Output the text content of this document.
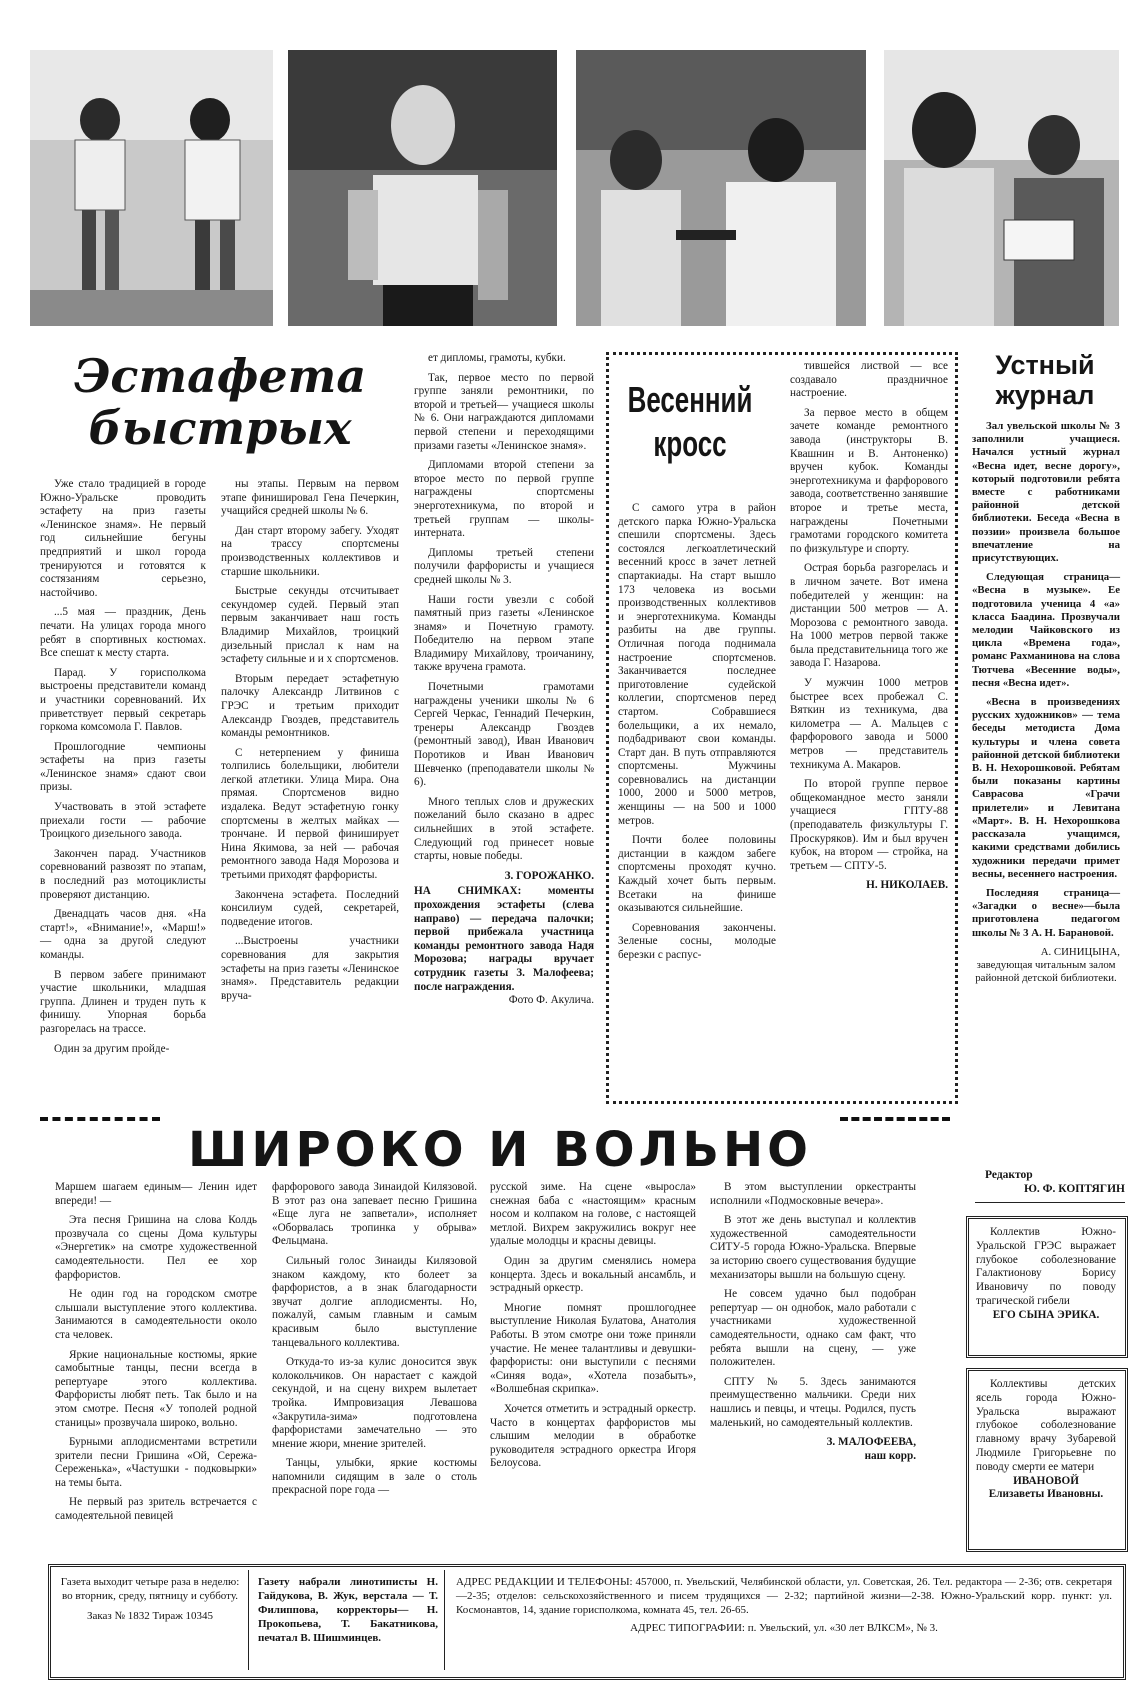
Эстафета
быстрых

Уже стало традицией в городе Южно-Уральске проводить эстафету на приз газеты «Ленинское знамя». Не первый год сильнейшие бегуны предприятий и школ города тренируются и готовятся к состязаниям серьезно, настойчиво.

...5 мая — праздник, День печати. На улицах города много ребят в спортивных костюмах. Все спешат к месту старта.

Парад. У горисполкома выстроены представители команд и участники соревнований. Их приветствует первый секретарь горкома комсомола Г. Павлов.

Прошлогодние чемпионы эстафеты на приз газеты «Ленинское знамя» сдают свои призы.

Участвовать в этой эстафете приехали гости — рабочие Троицкого дизельного завода.

Закончен парад. Участников соревнований развозят по этапам, в последний раз мотоциклисты проверяют дистанцию.

Двенадцать часов дня. «На старт!», «Внимание!», «Марш!» — одна за другой следуют команды.

В первом забеге принимают участие школьники, младшая группа. Длинен и труден путь к финишу. Упорная борьба разгорелась на трассе.

Один за другим пройде-

ны этапы. Первым на первом этапе финишировал Гена Печеркин, учащийся средней школы № 6.

Дан старт второму забегу. Уходят на трассу спортсмены производственных коллективов и старшие школьники.

Быстрые секунды отсчитывает секундомер судей. Первый этап первым заканчивает наш гость Владимир Михайлов, троицкий дизельный прислал к нам на эстафету сильные и и х спортсменов.

Вторым передает эстафетную палочку Александр Литвинов с ГРЭС и третьим приходит Александр Гвоздев, представитель команды ремонтников.

С нетерпением у финиша толпились болельщики, любители легкой атлетики. Улица Мира. Она прямая. Спортсменов видно издалека. Ведут эстафетную гонку спортсмены в желтых майках — трончане. И первой финиширует Нина Якимова, за ней — рабочая ремонтного завода Надя Морозова и третьими приходят фарфористы.

Закончена эстафета. Последний консилиум судей, секретарей, подведение итогов.

...Выстроены участники соревнования для закрытия эстафеты на приз газеты «Ленинское знамя». Представитель редакции вруча-

ет дипломы, грамоты, кубки.

Так, первое место по первой группе заняли ремонтники, по второй и третьей— учащиеся школы № 6. Они награждаются дипломами первой степени и переходящими призами газеты «Ленинское знамя».

Дипломами второй степени за второе место по первой группе награждены спортсмены энерготехникума, по второй и третьей группам — школы-интерната.

Дипломы третьей степени получили фарфористы и учащиеся средней школы № 3.

Наши гости увезли с собой памятный приз газеты «Ленинское знамя» и Почетную грамоту. Победителю на первом этапе Владимиру Михайлову, троичанину, также вручена грамота.

Почетными грамотами награждены ученики школы № 6 Сергей Черкас, Геннадий Печеркин, тренеры Александр Гвоздев (ремонтный завод), Иван Иванович Поротиков и Иван Иванович Шевченко (преподаватели школы № 6).

Много теплых слов и дружеских пожеланий было сказано в адрес сильнейших в этой эстафете. Следующий год принесет новые старты, новые победы.

З. ГОРОЖАНКО.
НА СНИМКАХ: моменты прохождения эстафеты (слева направо) — передача палочки; первой прибежала участница команды ремонтного завода Надя Морозова; награды вручает сотрудник газеты З. Малофеева; после награждения.
Фото Ф. Акулича.
Весенний
кросс

С самого утра в район детского парка Южно-Уральска спешили спортсмены. Здесь состоялся легкоатлетический весенний кросс в зачет летней спартакиады. На старт вышло 173 человека из восьми производственных коллективов и энерготехникума. Команды разбиты на две группы. Отличная погода поднимала настроение спортсменов. Заканчивается последнее приготовление судейской коллегии, спортсменов перед стартом. Собравшиеся болельщики, а их немало, подбадривают свои команды. Старт дан. В путь отправляются спортсмены. Мужчины соревновались на дистанции 1000, 2000 и 5000 метров, женщины — на 500 и 1000 метров.

Почти более половины дистанции в каждом забеге спортсмены проходят кучно. Каждый хочет быть первым. Всетаки на финише оказываются сильнейшие.

Соревнования закончены. Зеленые сосны, молодые березки с распус-

тившейся листвой — все создавало праздничное настроение.

За первое место в общем зачете команде ремонтного завода (инструкторы В. Квашнин и В. Антоненко) вручен кубок. Команды энерготехникума и фарфорового завода, соответственно занявшие второе и третье места, награждены Почетными грамотами городского комитета по физкультуре и спорту.

Острая борьба разгорелась и в личном зачете. Вот имена победителей у женщин: на дистанции 500 метров — А. Морозова с ремонтного завода. На 1000 метров первой также была представительница того же завода Г. Назарова.

У мужчин 1000 метров быстрее всех пробежал С. Вяткин из техникума, два километра — А. Мальцев с фарфорового завода и 5000 метров — представитель техникума А. Макаров.

По второй группе первое общекомандное место заняли учащиеся ГПТУ-88 (преподаватель физкультуры Г. Проскуряков). Им и был вручен кубок, на втором — стройка, на третьем — СПТУ-5.

Н. НИКОЛАЕВ.
Устный
журнал

Зал увельской школы № 3 заполнили учащиеся. Начался устный журнал «Весна идет, весне дорогу», который подготовили ребята вместе с работниками районной детской библиотеки. Беседа «Весна в поэзии» произвела большое впечатление на присутствующих.

Следующая страница— «Весна в музыке». Ее подготовила ученица 4 «а» класса Баадина. Прозвучали мелодии Чайковского из цикла «Времена года», романс Рахманинова на слова Тютчева «Весенние воды», песня «Весна идет».

«Весна в произведениях русских художников» — тема беседы методиста Дома культуры и члена совета районной детской библиотеки В. Н. Нехорошковой. Ребятам были показаны картины Саврасова «Грачи прилетели» и Левитана «Март». В. Н. Нехорошкова рассказала учащимся, какими средствами добились художники передачи примет весны, весеннего настроения.

Последняя страница— «Загадки о весне»—была приготовлена педагогом школы № 3 А. Н. Барановой.

А. СИНИЦЫНА,
заведующая читальным залом районной детской библиотеки.
ШИРОКО И ВОЛЬНО

Маршем шагаем единым— Ленин идет впереди! —

Эта песня Гришина на слова Колдь прозвучала со сцены Дома культуры «Энергетик» на смотре художественной самодеятельности. Пел ее хор фарфористов.

Не один год на городском смотре слышали выступление этого коллектива. Занимаются в самодеятельности около ста человек.

Яркие национальные костюмы, яркие самобытные танцы, песни всегда в репертуаре этого коллектива. Фарфористы любят петь. Так было и на этом смотре. Песня «У тополей родной станицы» прозвучала широко, вольно.

Бурными аплодисментами встретили зрители песни Гришина «Ой, Сережа-Сереженька», «Частушки - подковырки» на темы быта.

Не первый раз зритель встречается с самодеятельной певицей

фарфорового завода Зинаидой Килязовой. В этот раз она запевает песню Гришина «Еще луга не запветали», исполняет «Оборвалась тропинка у обрыва» Фельцмана.

Сильный голос Зинаиды Килязовой знаком каждому, кто болеет за фарфористов, а в знак благодарности звучат долгие аплодисменты. Но, пожалуй, самым главным и самым красивым было выступление танцевального коллектива.

Откуда-то из-за кулис доносится звук колокольчиков. Он нарастает с каждой секундой, и на сцену вихрем вылетает тройка. Импровизация Левашова «Закрутила-зима» подготовлена фарфористами замечательно — это мнение жюри, мнение зрителей.

Танцы, улыбки, яркие костюмы напомнили сидящим в зале о столь прекрасной поре года —

русской зиме. На сцене «выросла» снежная баба с «настоящим» красным носом и колпаком на голове, с настоящей метлой. Вихрем закружились вокруг нее удалые молодцы и красны девицы.

Один за другим сменялись номера концерта. Здесь и вокальный ансамбль, и эстрадный оркестр.

Многие помнят прошлогоднее выступление Николая Булатова, Анатолия Работы. В этом смотре они тоже приняли участие. Не менее талантливы и девушки-фарфористы: они выступили с песнями «Синяя вода», «Хотела позабыть», «Волшебная скрипка».

Хочется отметить и эстрадный оркестр. Часто в концертах фарфористов мы слышим мелодии в обработке руководителя эстрадного оркестра Игоря Белоусова.

В этом выступлении оркестранты исполнили «Подмосковные вечера».

В этот же день выступал и коллектив художественной самодеятельности СИТУ-5 города Южно-Уральска. Впервые за историю своего существования будущие механизаторы вышли на большую сцену.

Не совсем удачно был подобран репертуар — он однобок, мало работали с участниками художественной самодеятельности, однако сам факт, что ребята вышли на сцену, — уже положителен.

СПТУ № 5. Здесь занимаются преимущественно мальчики. Среди них нашлись и певцы, и чтецы. Родился, пусть маленький, но самодеятельный коллектив.

З. МАЛОФЕЕВА,
наш корр.
Редактор
Ю. Ф. КОПТЯГИН

Коллектив Южно-Уральской ГРЭС выражает глубокое соболезнование Галактионову Борису Ивановичу по поводу трагической гибели

ЕГО СЫНА ЭРИКА.

Коллективы детских ясель города Южно-Уральска выражают глубокое соболезнование главному врачу Зубаревой Людмиле Григорьевне по поводу смерти ее матери

ИВАНОВОЙ
Елизаветы Ивановны.
Газета выходит четыре раза в неделю: во вторник, среду, пятницу и субботу.
Заказ № 1832 Тираж 10345
Газету набрали линотиписты Н. Гайдукова, В. Жук, верстала — Т. Филиппова, корректоры— Н. Прокопьева, Т. Бакатникова, печатал В. Шишминцев.
АДРЕС РЕДАКЦИИ И ТЕЛЕФОНЫ: 457000, п. Увельский, Челябинской области, ул. Советская, 26. Тел. редактора — 2-36; отв. секретаря—2-35; отделов: сельскохозяйственного и писем трудящихся — 2-32; партийной жизни—2-38. Южно-Уральский корр. пункт: ул. Космонавтов, 14, здание горисполкома, комната 45, тел. 26-65.
АДРЕС ТИПОГРАФИИ: п. Увельский, ул. «30 лет ВЛКСМ», № 3.
